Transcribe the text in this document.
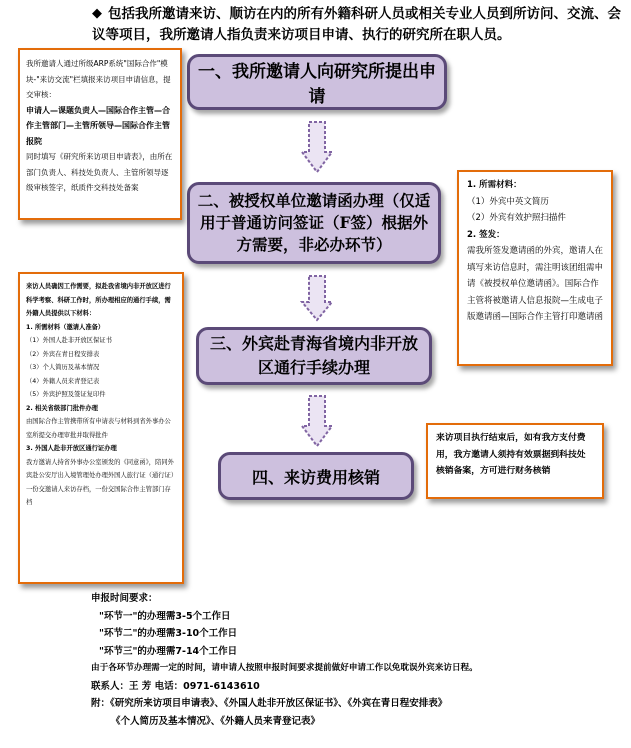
◆ 包括我所邀请来访、顺访在内的所有外籍科研人员或相关专业人员到所访问、交流、会议等项目，我所邀请人指负责来访项目申请、执行的研究所在职人员。
一、我所邀请人向研究所提出申请
二、被授权单位邀请函办理（仅适用于普通访问签证（F签）根据外方需要，非必办环节）
三、外宾赴青海省境内非开放区通行手续办理
四、来访费用核销

我所邀请人通过所级ARP系统"国际合作"模块-"来访交流"栏填报来访项目申请信息，提交审核：

申请人—课题负责人—国际合作主管—合作主管部门—主管所领导—国际合作主管报院

同时填写《研究所来访项目申请表》，由所在部门负责人、科技处负责人、主管所领导逐级审核签字，纸质件交科技处备案	1. 所需材料：

（1）外宾中英文简历

（2）外宾有效护照扫描件

2. 签发：

需我所签发邀请函的外宾，邀请人在填写来访信息时，需注明该团组需申请《被授权单位邀请函》。国际合作主管将被邀请人信息报院—生成电子版邀请函—国际合作主管打印邀请函

来访人员确因工作需要，拟赴我省境内非开放区进行科学考察、科研工作时，所办理相应的通行手续，需外籍人员提供以下材料：

1. 所需材料（邀请人准备）

（1）外国人赴非开放区保证书

（2）外宾在青日程安排表

（3）个人简历及基本情况

（4）外籍人员来青登记表

（5）外宾护照及签证复印件

2. 相关省级部门批件办理

由国际合作主管携带所有申请表与材料到省外事办公室所提交办理审批并取得批件

3. 外国人赴非开放区通行证办理

我方邀请人持省外事办公室颁发的《同意函》，陪同外宾赴公安厅出入境管理处办理外国人旅行证（通行证）

一份交邀请人来访存档，一份交国际合作主管部门存档

来访项目执行结束后，如有我方支付费用，我方邀请人须持有效票据到科技处核销备案，方可进行财务核销

申报时间要求：
"环节一"的办理需3-5个工作日
"环节二"的办理需3-10个工作日
"环节三"的办理需7-14个工作日
由于各环节办理需一定的时间，请申请人按照申报时间要求提前做好申请工作以免耽误外宾来访日程。
联系人：王 芳 电话：0971-6143610
附：《研究所来访项目申请表》、《外国人赴非开放区保证书》、《外宾在青日程安排表》
《个人简历及基本情况》、《外籍人员来青登记表》
